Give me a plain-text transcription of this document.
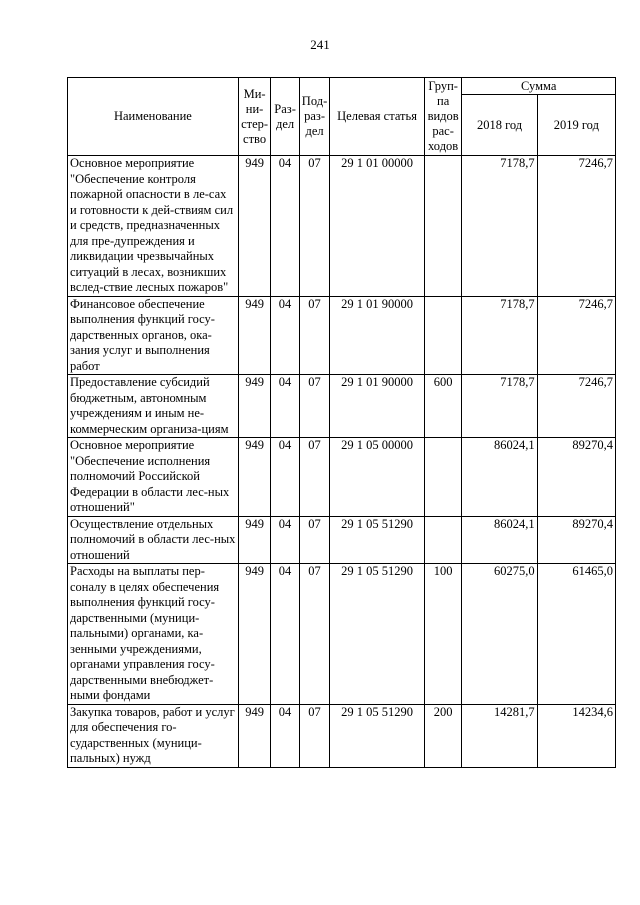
241
Наименование	Ми-ни-стер-ство	Раз-дел	Под-раз-дел	Целевая статья	Груп-па видов рас-ходов	Сумма	
						2018 год	2019 год
Основное мероприятие "Обеспечение контроля пожарной опасности в ле-сах и готовности к дей-ствиям сил и средств, предназначенных для пре-дупреждения и ликвидации чрезвычайных ситуаций в лесах, возникших вслед-ствие лесных пожаров"	949	04	07	29 1 01 00000		7178,7	7246,7
Финансовое обеспечение выполнения функций госу-дарственных органов, ока-зания услуг и выполнения работ	949	04	07	29 1 01 90000		7178,7	7246,7
Предоставление субсидий бюджетным, автономным учреждениям и иным не-коммерческим организа-циям	949	04	07	29 1 01 90000	600	7178,7	7246,7
Основное мероприятие "Обеспечение исполнения полномочий Российской Федерации в области лес-ных отношений"	949	04	07	29 1 05 00000		86024,1	89270,4
Осуществление отдельных полномочий в области лес-ных отношений	949	04	07	29 1 05 51290		86024,1	89270,4
Расходы на выплаты пер-соналу в целях обеспечения выполнения функций госу-дарственными (муници-пальными) органами, ка-зенными учреждениями, органами управления госу-дарственными внебюджет-ными фондами	949	04	07	29 1 05 51290	100	60275,0	61465,0
Закупка товаров, работ и услуг для обеспечения го-сударственных (муници-пальных) нужд	949	04	07	29 1 05 51290	200	14281,7	14234,6
